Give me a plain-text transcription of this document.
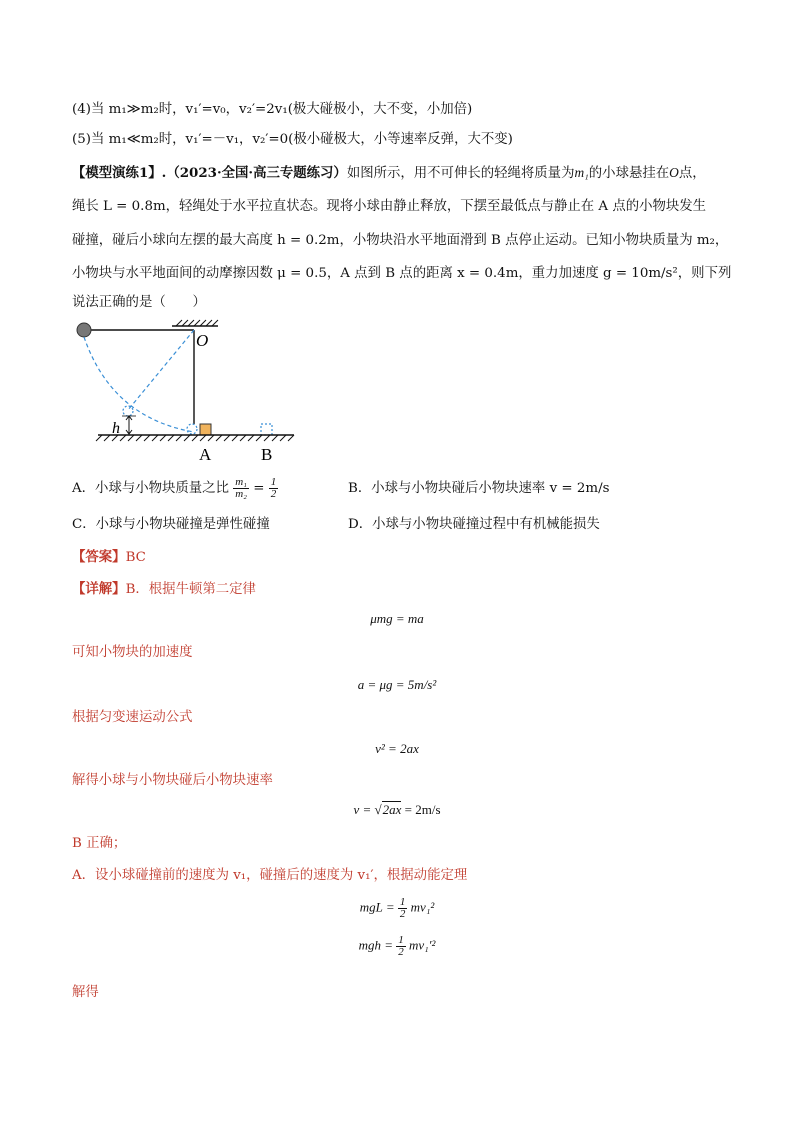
(4)当 m₁≫m₂时，v₁′=v₀，v₂′=2v₁(极大碰极小，大不变，小加倍)
(5)当 m₁≪m₂时，v₁′=－v₁，v₂′=0(极小碰极大，小等速率反弹，大不变)
【模型演练1】.（2023·全国·高三专题练习）如图所示，用不可伸长的轻绳将质量为m₁的小球悬挂在O点，
绳长 L = 0.8m，轻绳处于水平拉直状态。现将小球由静止释放，下摆至最低点与静止在 A 点的小物块发生
碰撞，碰后小球向左摆的最大高度 h = 0.2m，小物块沿水平地面滑到 B 点停止运动。已知小物块质量为 m₂，
小物块与水平地面间的动摩擦因数 μ = 0.5，A 点到 B 点的距离 x = 0.4m，重力加速度 g = 10m/s²，则下列
说法正确的是（　　）
O
h
A	B
A．小球与小物块质量之比 $\frac{\text{m₁}}{\text{m₂}} = \frac{1}{2}$	B．小球与小物块碰后小物块速率 v = 2m/s
C．小球与小物块碰撞是弹性碰撞	D．小球与小物块碰撞过程中有机械能损失
【答案】BC
【详解】B．根据牛顿第二定律
μmg = ma
可知小物块的加速度
a = μg = 5m/s²
根据匀变速运动公式
v² = 2ax
解得小球与小物块碰后小物块速率
v = √2ax = 2m/s
B 正确；
A．设小球碰撞前的速度为 v₁，碰撞后的速度为 v₁′，根据动能定理
mgL = $\frac{1}{2} mv_1^2$
mgh = $\frac{1}{2} mv_1'^2$
解得
